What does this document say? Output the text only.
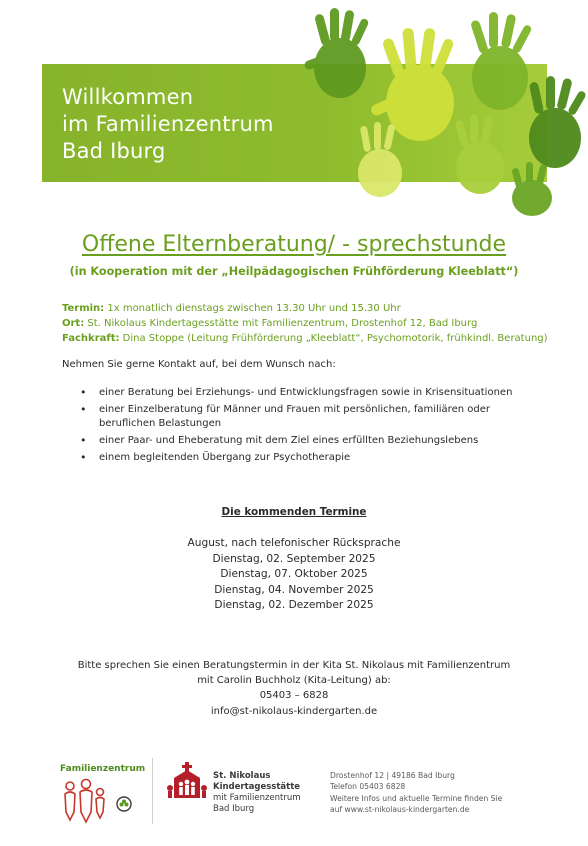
Willkommen
im Familienzentrum
Bad Iburg
Offene Elternberatung/ - sprechstunde
(in Kooperation mit der „Heilpädagogischen Frühförderung Kleeblatt“)
Termin: 1x monatlich dienstags zwischen 13.30 Uhr und 15.30 Uhr
Ort: St. Nikolaus Kindertagesstätte mit Familienzentrum, Drostenhof 12, Bad Iburg
Fachkraft: Dina Stoppe (Leitung Frühförderung „Kleeblatt“, Psychomotorik, frühkindl. Beratung)
Nehmen Sie gerne Kontakt auf, bei dem Wunsch nach:
• einer Beratung bei Erziehungs- und Entwicklungsfragen sowie in Krisensituationen
• einer Einzelberatung für Männer und Frauen mit persönlichen, familiären oder beruflichen Belastungen
• einer Paar- und Eheberatung mit dem Ziel eines erfüllten Beziehungslebens
• einem begleitenden Übergang zur Psychotherapie
Die kommenden Termine
August, nach telefonischer Rücksprache
Dienstag, 02. September 2025
Dienstag, 07. Oktober 2025
Dienstag, 04. November 2025
Dienstag, 02. Dezember 2025
Bitte sprechen Sie einen Beratungstermin in der Kita St. Nikolaus mit Familienzentrum
mit Carolin Buchholz (Kita-Leitung) ab:
05403 – 6828
info@st-nikolaus-kindergarten.de
Familienzentrum
St. Nikolaus
Kindertagesstätte
mit Familienzentrum
Bad Iburg
Drostenhof 12 | 49186 Bad Iburg
Telefon 05403 6828
Weitere Infos und aktuelle Termine finden Sie
auf www.st-nikolaus-kindergarten.de
